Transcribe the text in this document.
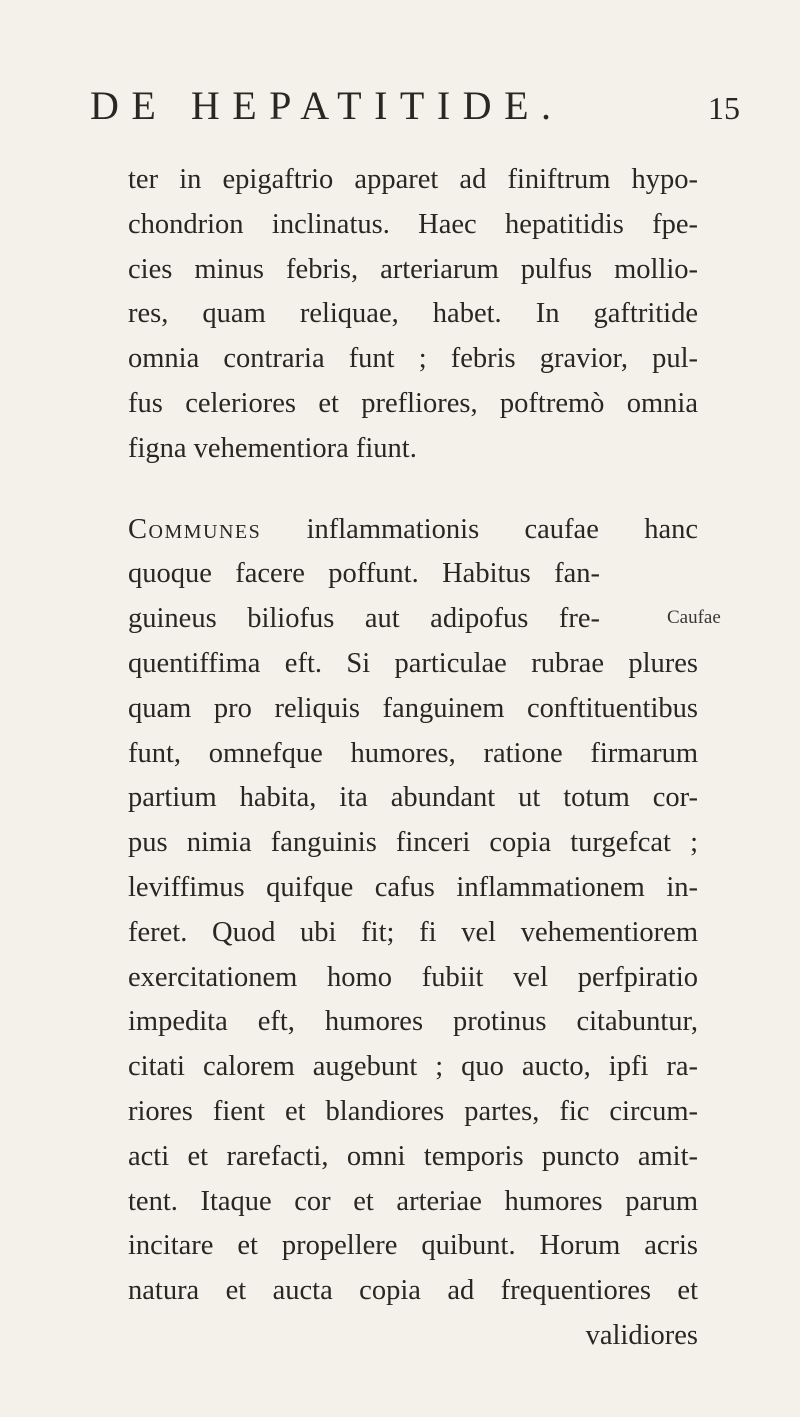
DE HEPATITIDE.	15
Caufae
ter in epigaftrio apparet ad finiftrum hypo-
chondrion inclinatus. Haec hepatitidis fpe-
cies minus febris, arteriarum pulfus mollio-
res, quam reliquae, habet. In gaftritide
omnia contraria funt ; febris gravior, pul-
fus celeriores et prefliores, poftremò omnia
figna vehementiora fiunt.
Communes inflammationis caufae hanc
quoque facere poffunt. Habitus fan-
guineus biliofus aut adipofus fre-
quentiffima eft. Si particulae rubrae plures
quam pro reliquis fanguinem conftituentibus
funt, omnefque humores, ratione firmarum
partium habita, ita abundant ut totum cor-
pus nimia fanguinis finceri copia turgefcat ;
leviffimus quifque cafus inflammationem in-
feret. Quod ubi fit; fi vel vehementiorem
exercitationem homo fubiit vel perfpiratio
impedita eft, humores protinus citabuntur,
citati calorem augebunt ; quo aucto, ipfi ra-
riores fient et blandiores partes, fic circum-
acti et rarefacti, omni temporis puncto amit-
tent. Itaque cor et arteriae humores parum
incitare et propellere quibunt. Horum acris
natura et aucta copia ad frequentiores et
validiores
